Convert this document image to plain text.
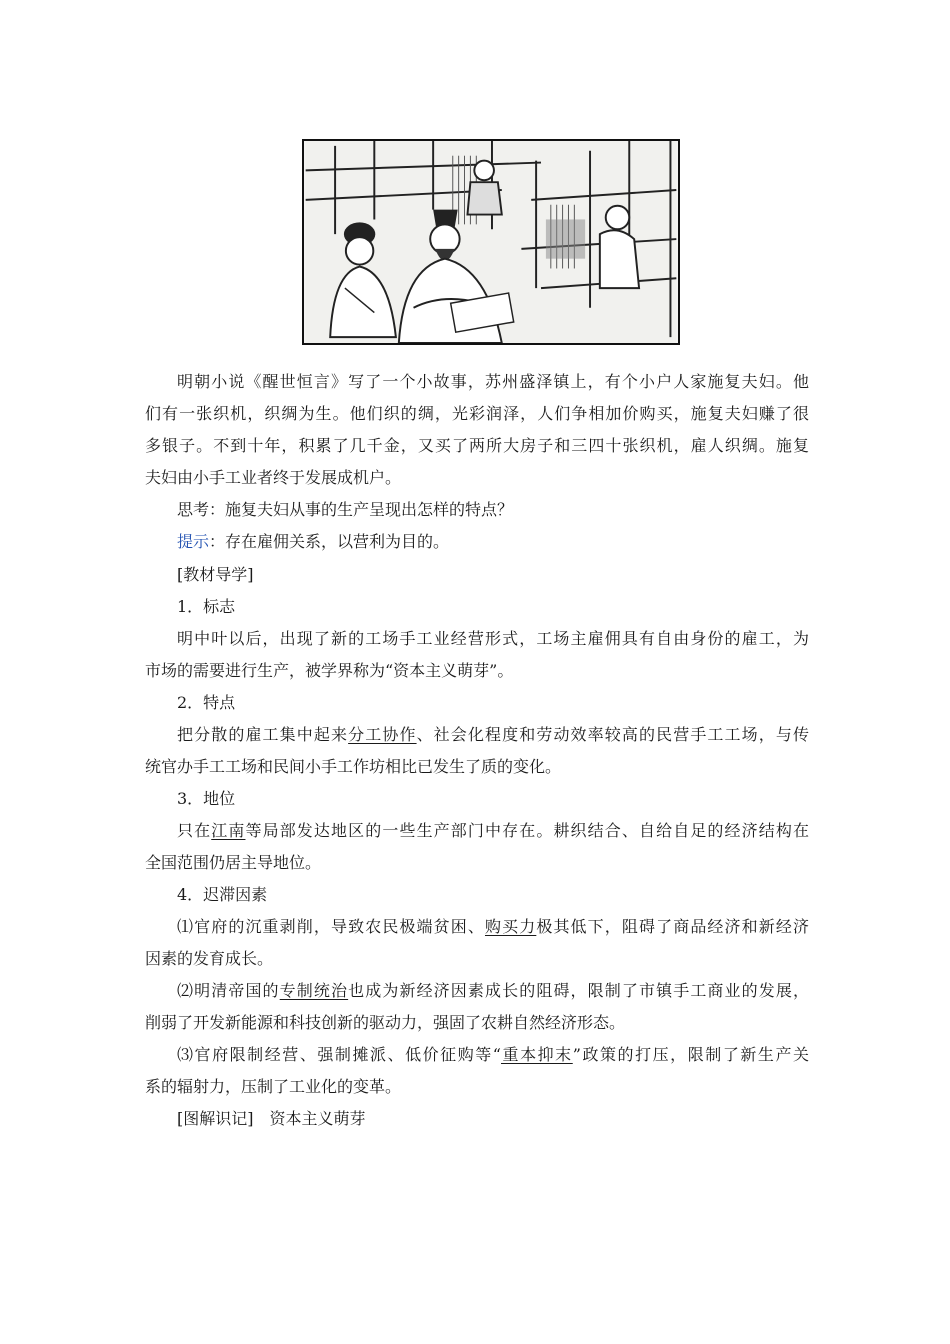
明朝小说《醒世恒言》写了一个小故事，苏州盛泽镇上，有个小户人家施复夫妇。他
们有一张织机，织绸为生。他们织的绸，光彩润泽，人们争相加价购买，施复夫妇赚了很
多银子。不到十年，积累了几千金，又买了两所大房子和三四十张织机，雇人织绸。施复
夫妇由小手工业者终于发展成机户。
思考：施复夫妇从事的生产呈现出怎样的特点？
提示：存在雇佣关系，以营利为目的。
[教材导学]
1．标志
明中叶以后，出现了新的工场手工业经营形式，工场主雇佣具有自由身份的雇工，为
市场的需要进行生产，被学界称为“资本主义萌芽”。
2．特点
把分散的雇工集中起来分工协作、社会化程度和劳动效率较高的民营手工工场，与传
统官办手工工场和民间小手工作坊相比已发生了质的变化。
3．地位
只在江南等局部发达地区的一些生产部门中存在。耕织结合、自给自足的经济结构在
全国范围仍居主导地位。
4．迟滞因素
⑴官府的沉重剥削，导致农民极端贫困、购买力极其低下，阻碍了商品经济和新经济
因素的发育成长。
⑵明清帝国的专制统治也成为新经济因素成长的阻碍，限制了市镇手工商业的发展，
削弱了开发新能源和科技创新的驱动力，强固了农耕自然经济形态。
⑶官府限制经营、强制摊派、低价征购等“重本抑末”政策的打压，限制了新生产关
系的辐射力，压制了工业化的变革。
[图解识记]　资本主义萌芽
